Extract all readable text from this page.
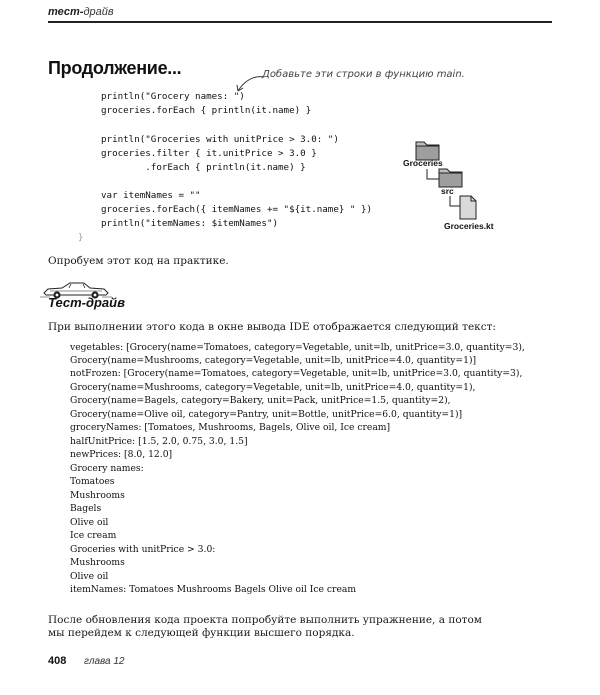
тест-драйв
Продолжение...	Добавьте эти строки в функцию main.
println("Grocery names: ")
groceries.forEach { println(it.name) }
println("Groceries with unitPrice > 3.0: ")
groceries.filter { it.unitPrice > 3.0 }
.forEach { println(it.name) }
var itemNames = ""
groceries.forEach({ itemNames += "${it.name} " })
println("itemNames: $itemNames")
}
Groceries
src
Groceries.kt
Опробуем этот код на практике.
Тест-драйв
При выполнении этого кода в окне вывода IDE отображается следующий текст:
vegetables: [Grocery(name=Tomatoes, category=Vegetable, unit=lb, unitPrice=3.0, quantity=3),
Grocery(name=Mushrooms, category=Vegetable, unit=lb, unitPrice=4.0, quantity=1)]
notFrozen: [Grocery(name=Tomatoes, category=Vegetable, unit=lb, unitPrice=3.0, quantity=3),
Grocery(name=Mushrooms, category=Vegetable, unit=lb, unitPrice=4.0, quantity=1),
Grocery(name=Bagels, category=Bakery, unit=Pack, unitPrice=1.5, quantity=2),
Grocery(name=Olive oil, category=Pantry, unit=Bottle, unitPrice=6.0, quantity=1)]
groceryNames: [Tomatoes, Mushrooms, Bagels, Olive oil, Ice cream]
halfUnitPrice: [1.5, 2.0, 0.75, 3.0, 1.5]
newPrices: [8.0, 12.0]
Grocery names:
Tomatoes
Mushrooms
Bagels
Olive oil
Ice cream
Groceries with unitPrice > 3.0:
Mushrooms
Olive oil
itemNames: Tomatoes Mushrooms Bagels Olive oil Ice cream
После обновления кода проекта попробуйте выполнить упражнение, а потом
мы перейдем к следующей функции высшего порядка.
408 глава 12
